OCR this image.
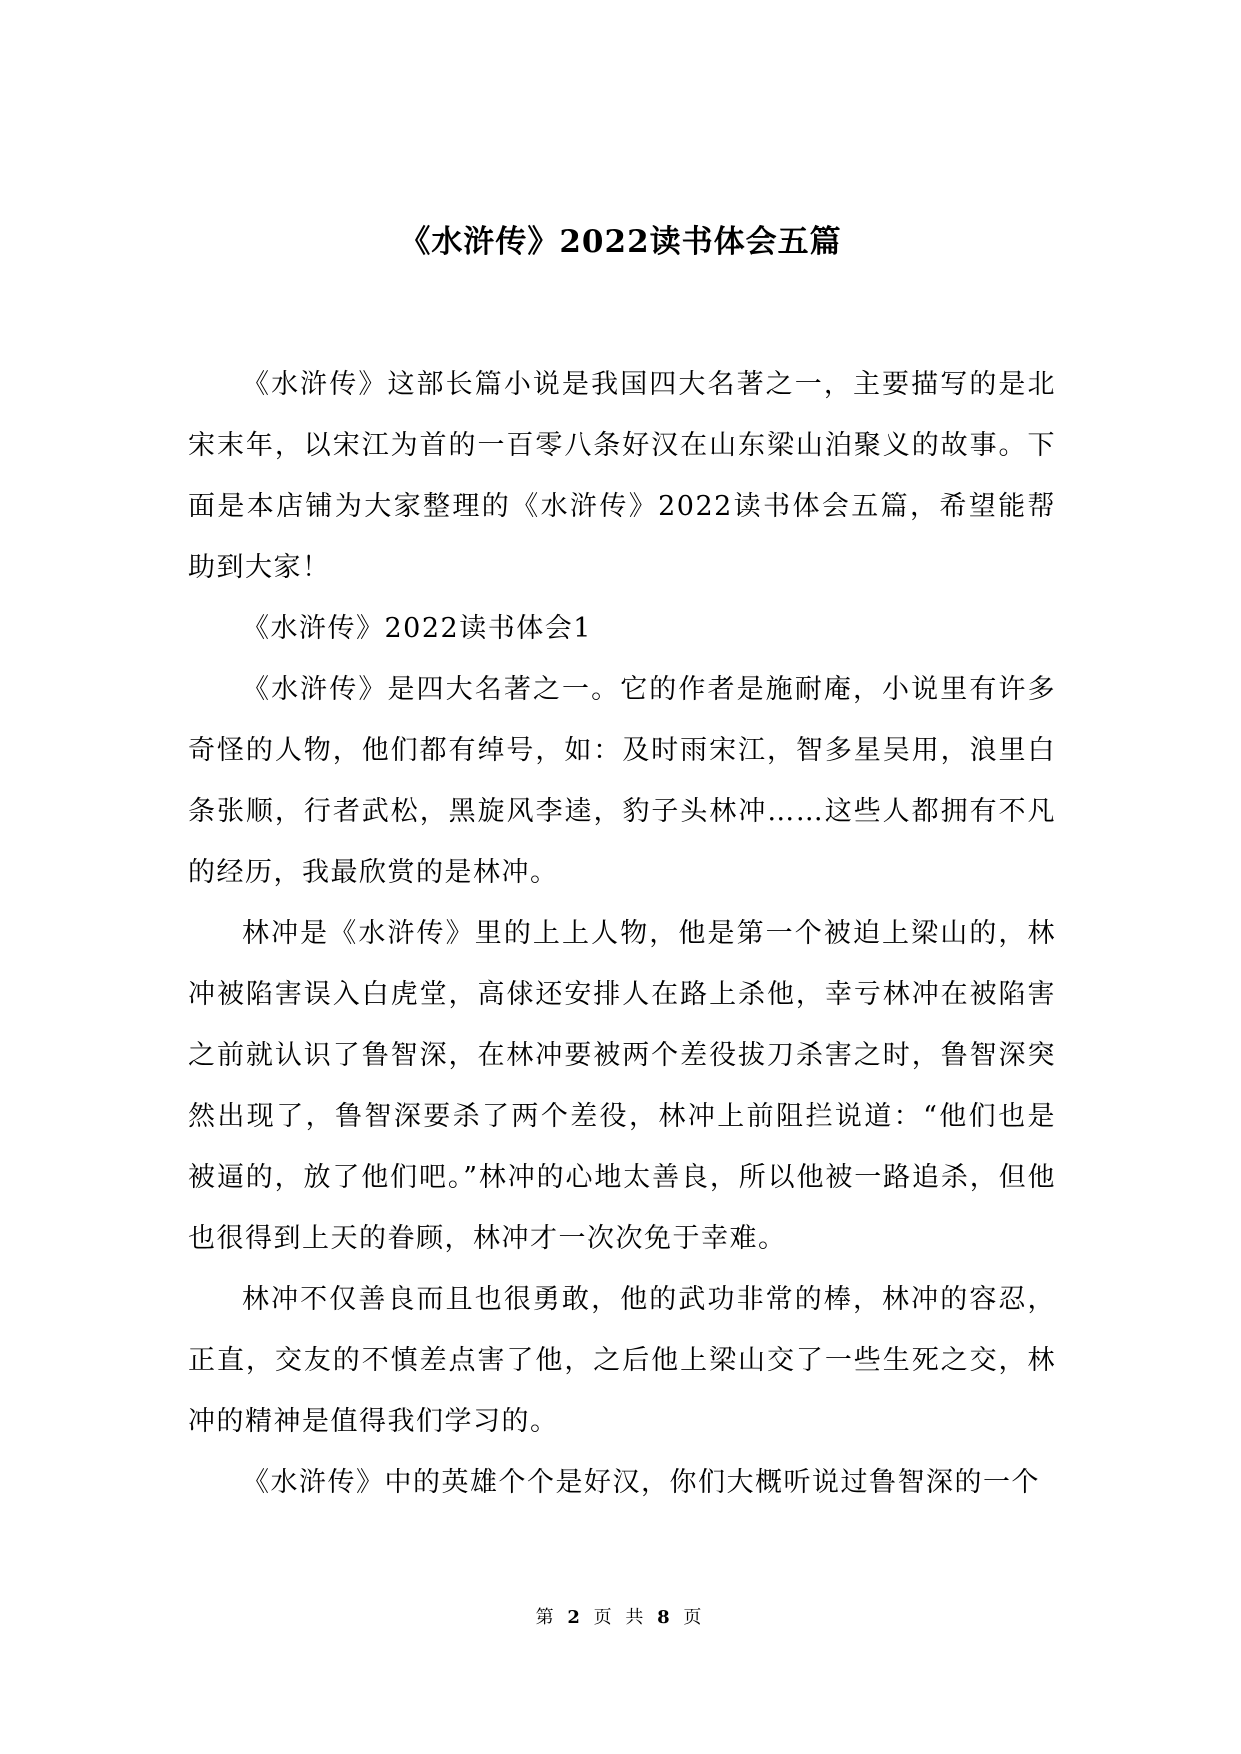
《水浒传》2022读书体会五篇

《水浒传》这部长篇小说是我国四大名著之一，主要描写的是北宋末年，以宋江为首的一百零八条好汉在山东梁山泊聚义的故事。下面是本店铺为大家整理的《水浒传》2022读书体会五篇，希望能帮助到大家！

《水浒传》2022读书体会1

《水浒传》是四大名著之一。它的作者是施耐庵，小说里有许多奇怪的人物，他们都有绰号，如：及时雨宋江，智多星吴用，浪里白条张顺，行者武松，黑旋风李逵，豹子头林冲……这些人都拥有不凡的经历，我最欣赏的是林冲。

林冲是《水浒传》里的上上人物，他是第一个被迫上梁山的，林冲被陷害误入白虎堂，高俅还安排人在路上杀他，幸亏林冲在被陷害之前就认识了鲁智深，在林冲要被两个差役拔刀杀害之时，鲁智深突然出现了，鲁智深要杀了两个差役，林冲上前阻拦说道：“他们也是被逼的，放了他们吧。”林冲的心地太善良，所以他被一路追杀，但他也很得到上天的眷顾，林冲才一次次免于幸难。

林冲不仅善良而且也很勇敢，他的武功非常的棒，林冲的容忍，正直，交友的不慎差点害了他，之后他上梁山交了一些生死之交，林冲的精神是值得我们学习的。

《水浒传》中的英雄个个是好汉，你们大概听说过鲁智深的一个

第 2 页 共 8 页
